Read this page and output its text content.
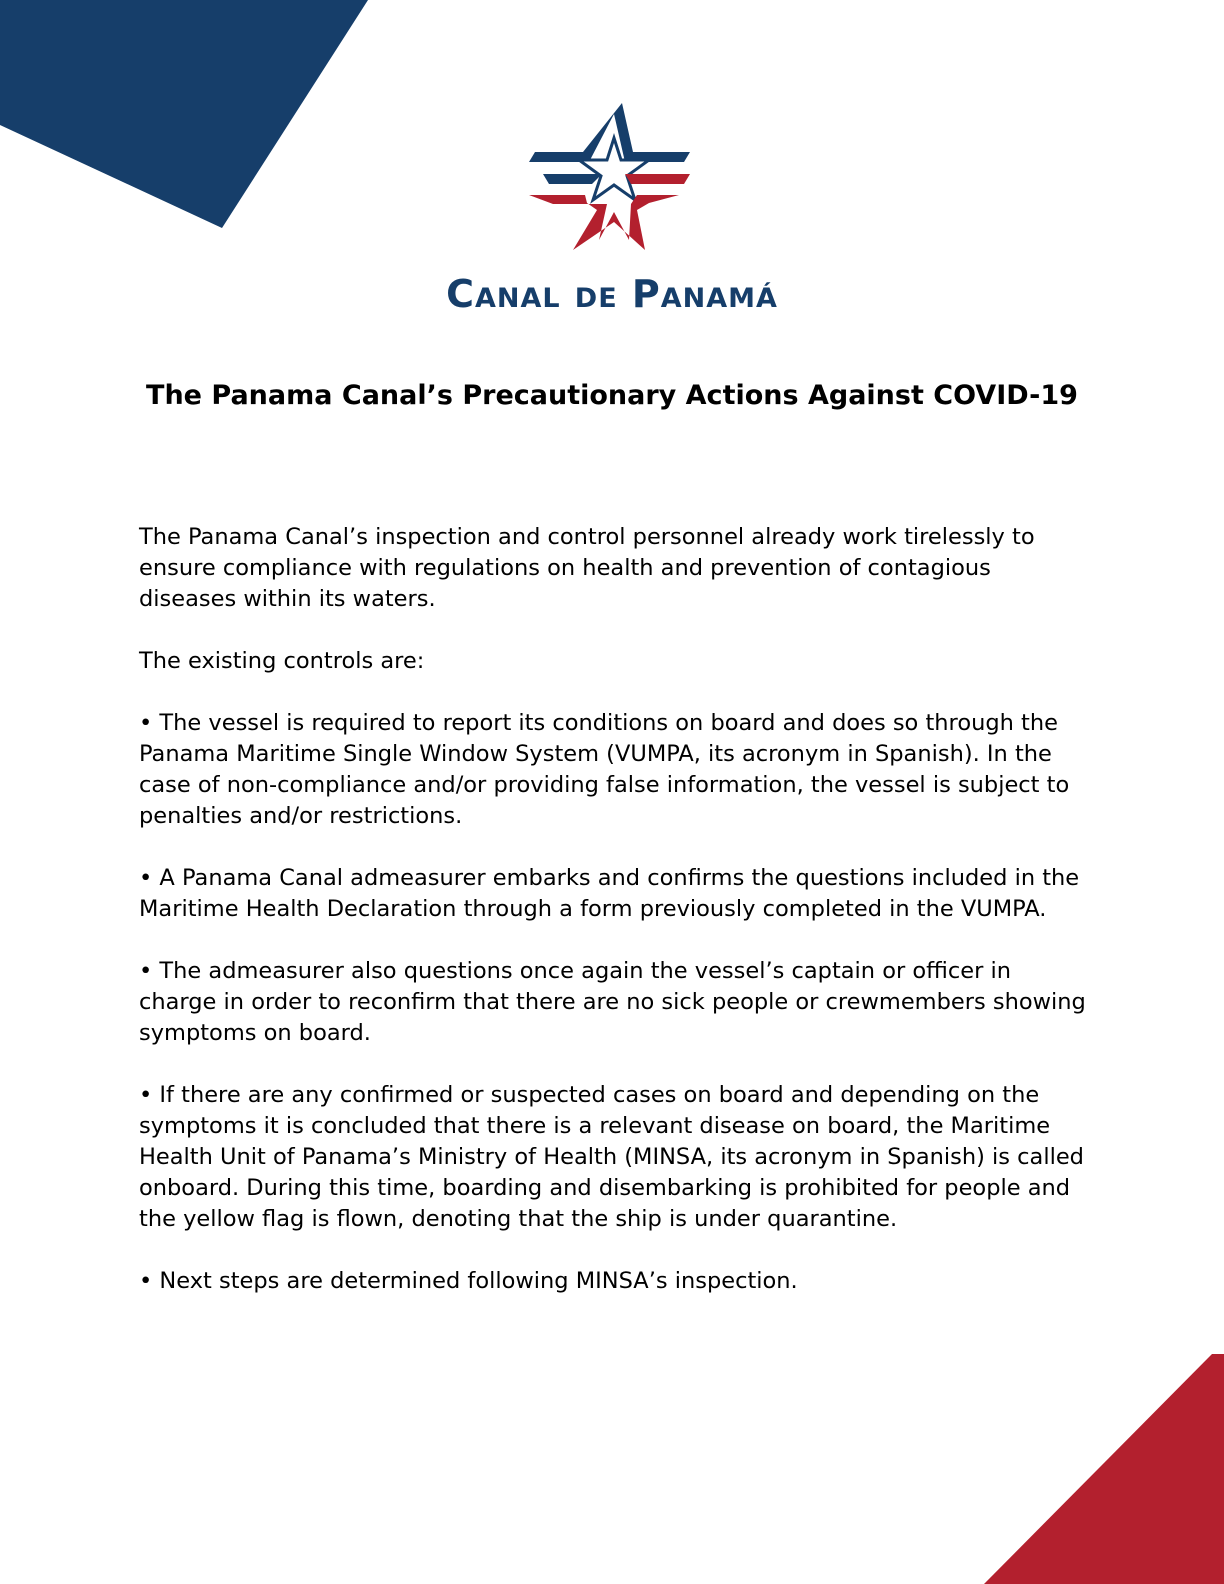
Canal de Panamá
The Panama Canal’s Precautionary Actions Against COVID-19

The Panama Canal’s inspection and control personnel already work tirelessly to ensure compliance with regulations on health and prevention of contagious diseases within its waters.

The existing controls are:

• The vessel is required to report its conditions on board and does so through the Panama Maritime Single Window System (VUMPA, its acronym in Spanish). In the case of non-compliance and/or providing false information, the vessel is subject to penalties and/or restrictions.

• A Panama Canal admeasurer embarks and confirms the questions included in the Maritime Health Declaration through a form previously completed in the VUMPA.

• The admeasurer also questions once again the vessel’s captain or officer in charge in order to reconfirm that there are no sick people or crewmembers showing symptoms on board.

• If there are any confirmed or suspected cases on board and depending on the symptoms it is concluded that there is a relevant disease on board, the Maritime Health Unit of Panama’s Ministry of Health (MINSA, its acronym in Spanish) is called onboard. During this time, boarding and disembarking is prohibited for people and the yellow flag is flown, denoting that the ship is under quarantine.

• Next steps are determined following MINSA’s inspection.
